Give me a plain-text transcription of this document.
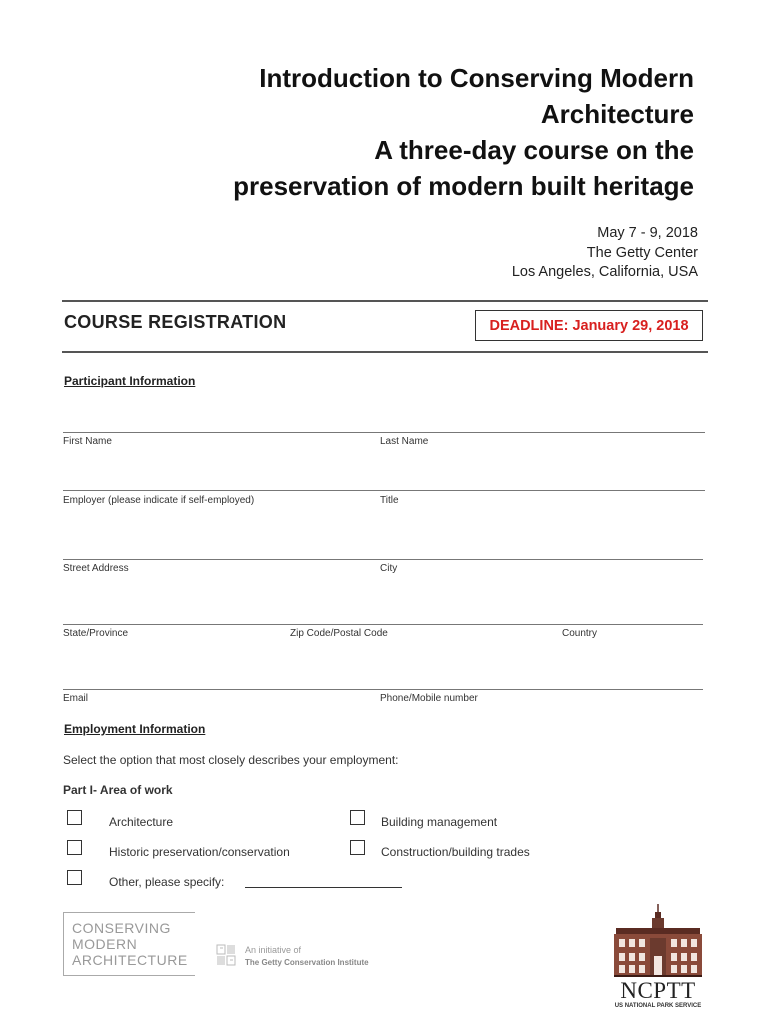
Introduction to Conserving Modern
Architecture
A three-day course on the
preservation of modern built heritage
May 7 - 9, 2018
The Getty Center
Los Angeles, California, USA
COURSE REGISTRATION	DEADLINE: January 29, 2018
Participant Information
First Name	Last Name
Employer (please indicate if self-employed)	Title
Street Address	City
State/Province	Zip Code/Postal Code	Country
Email	Phone/Mobile number
Employment Information
Select the option that most closely describes your employment:
Part I- Area of work
Architecture	Building management
Historic preservation/conservation	Construction/building trades
Other, please specify:
CONSERVING
MODERN
ARCHITECTURE
An initiative of
The Getty Conservation Institute
NCPTT
US NATIONAL PARK SERVICE
